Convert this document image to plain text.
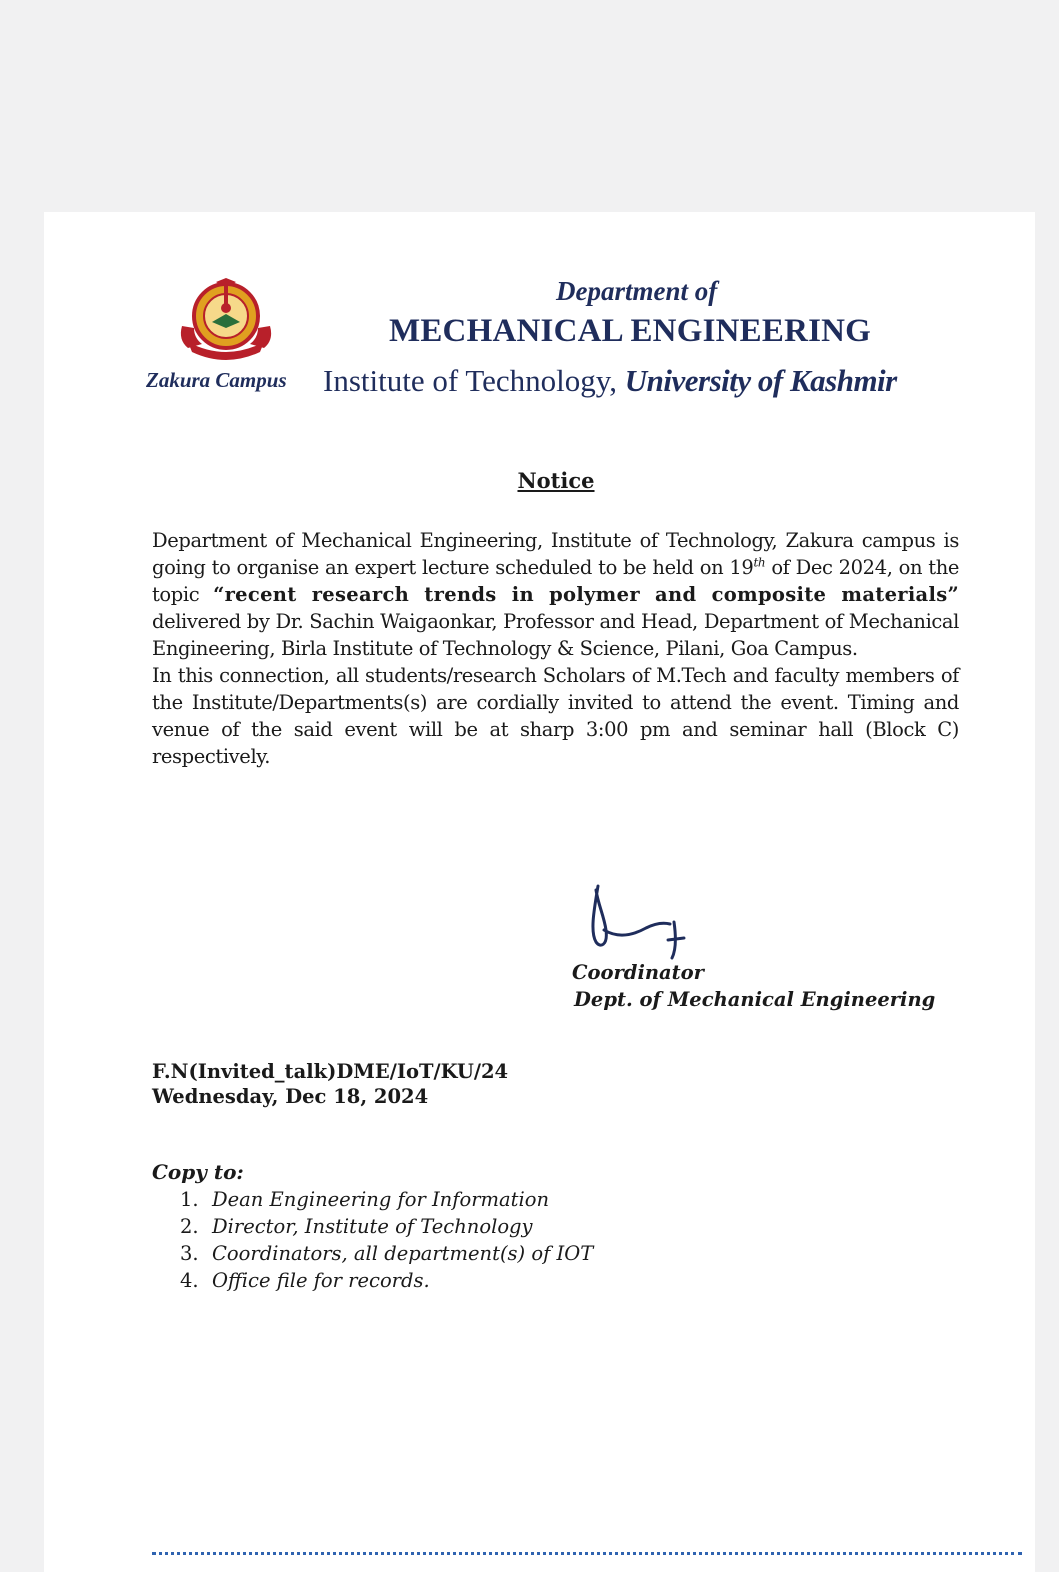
Zakura Campus
Department of
MECHANICAL ENGINEERING
Institute of Technology, University of Kashmir
Notice

Department of Mechanical Engineering, Institute of Technology, Zakura campus is going to organise an expert lecture scheduled to be held on 19th of Dec 2024, on the topic “recent research trends in polymer and composite materials” delivered by Dr. Sachin Waigaonkar, Professor and Head, Department of Mechanical Engineering, Birla Institute of Technology & Science, Pilani, Goa Campus.

In this connection, all students/research Scholars of M.Tech and faculty members of the Institute/Departments(s) are cordially invited to attend the event. Timing and venue of the said event will be at sharp 3:00 pm and seminar hall (Block C) respectively.

Coordinator
Dept. of Mechanical Engineering
F.N(Invited_talk)DME/IoT/KU/24
Wednesday, Dec 18, 2024
Copy to:
1. Dean Engineering for Information
2. Director, Institute of Technology
3. Coordinators, all department(s) of IOT
4. Office file for records.
